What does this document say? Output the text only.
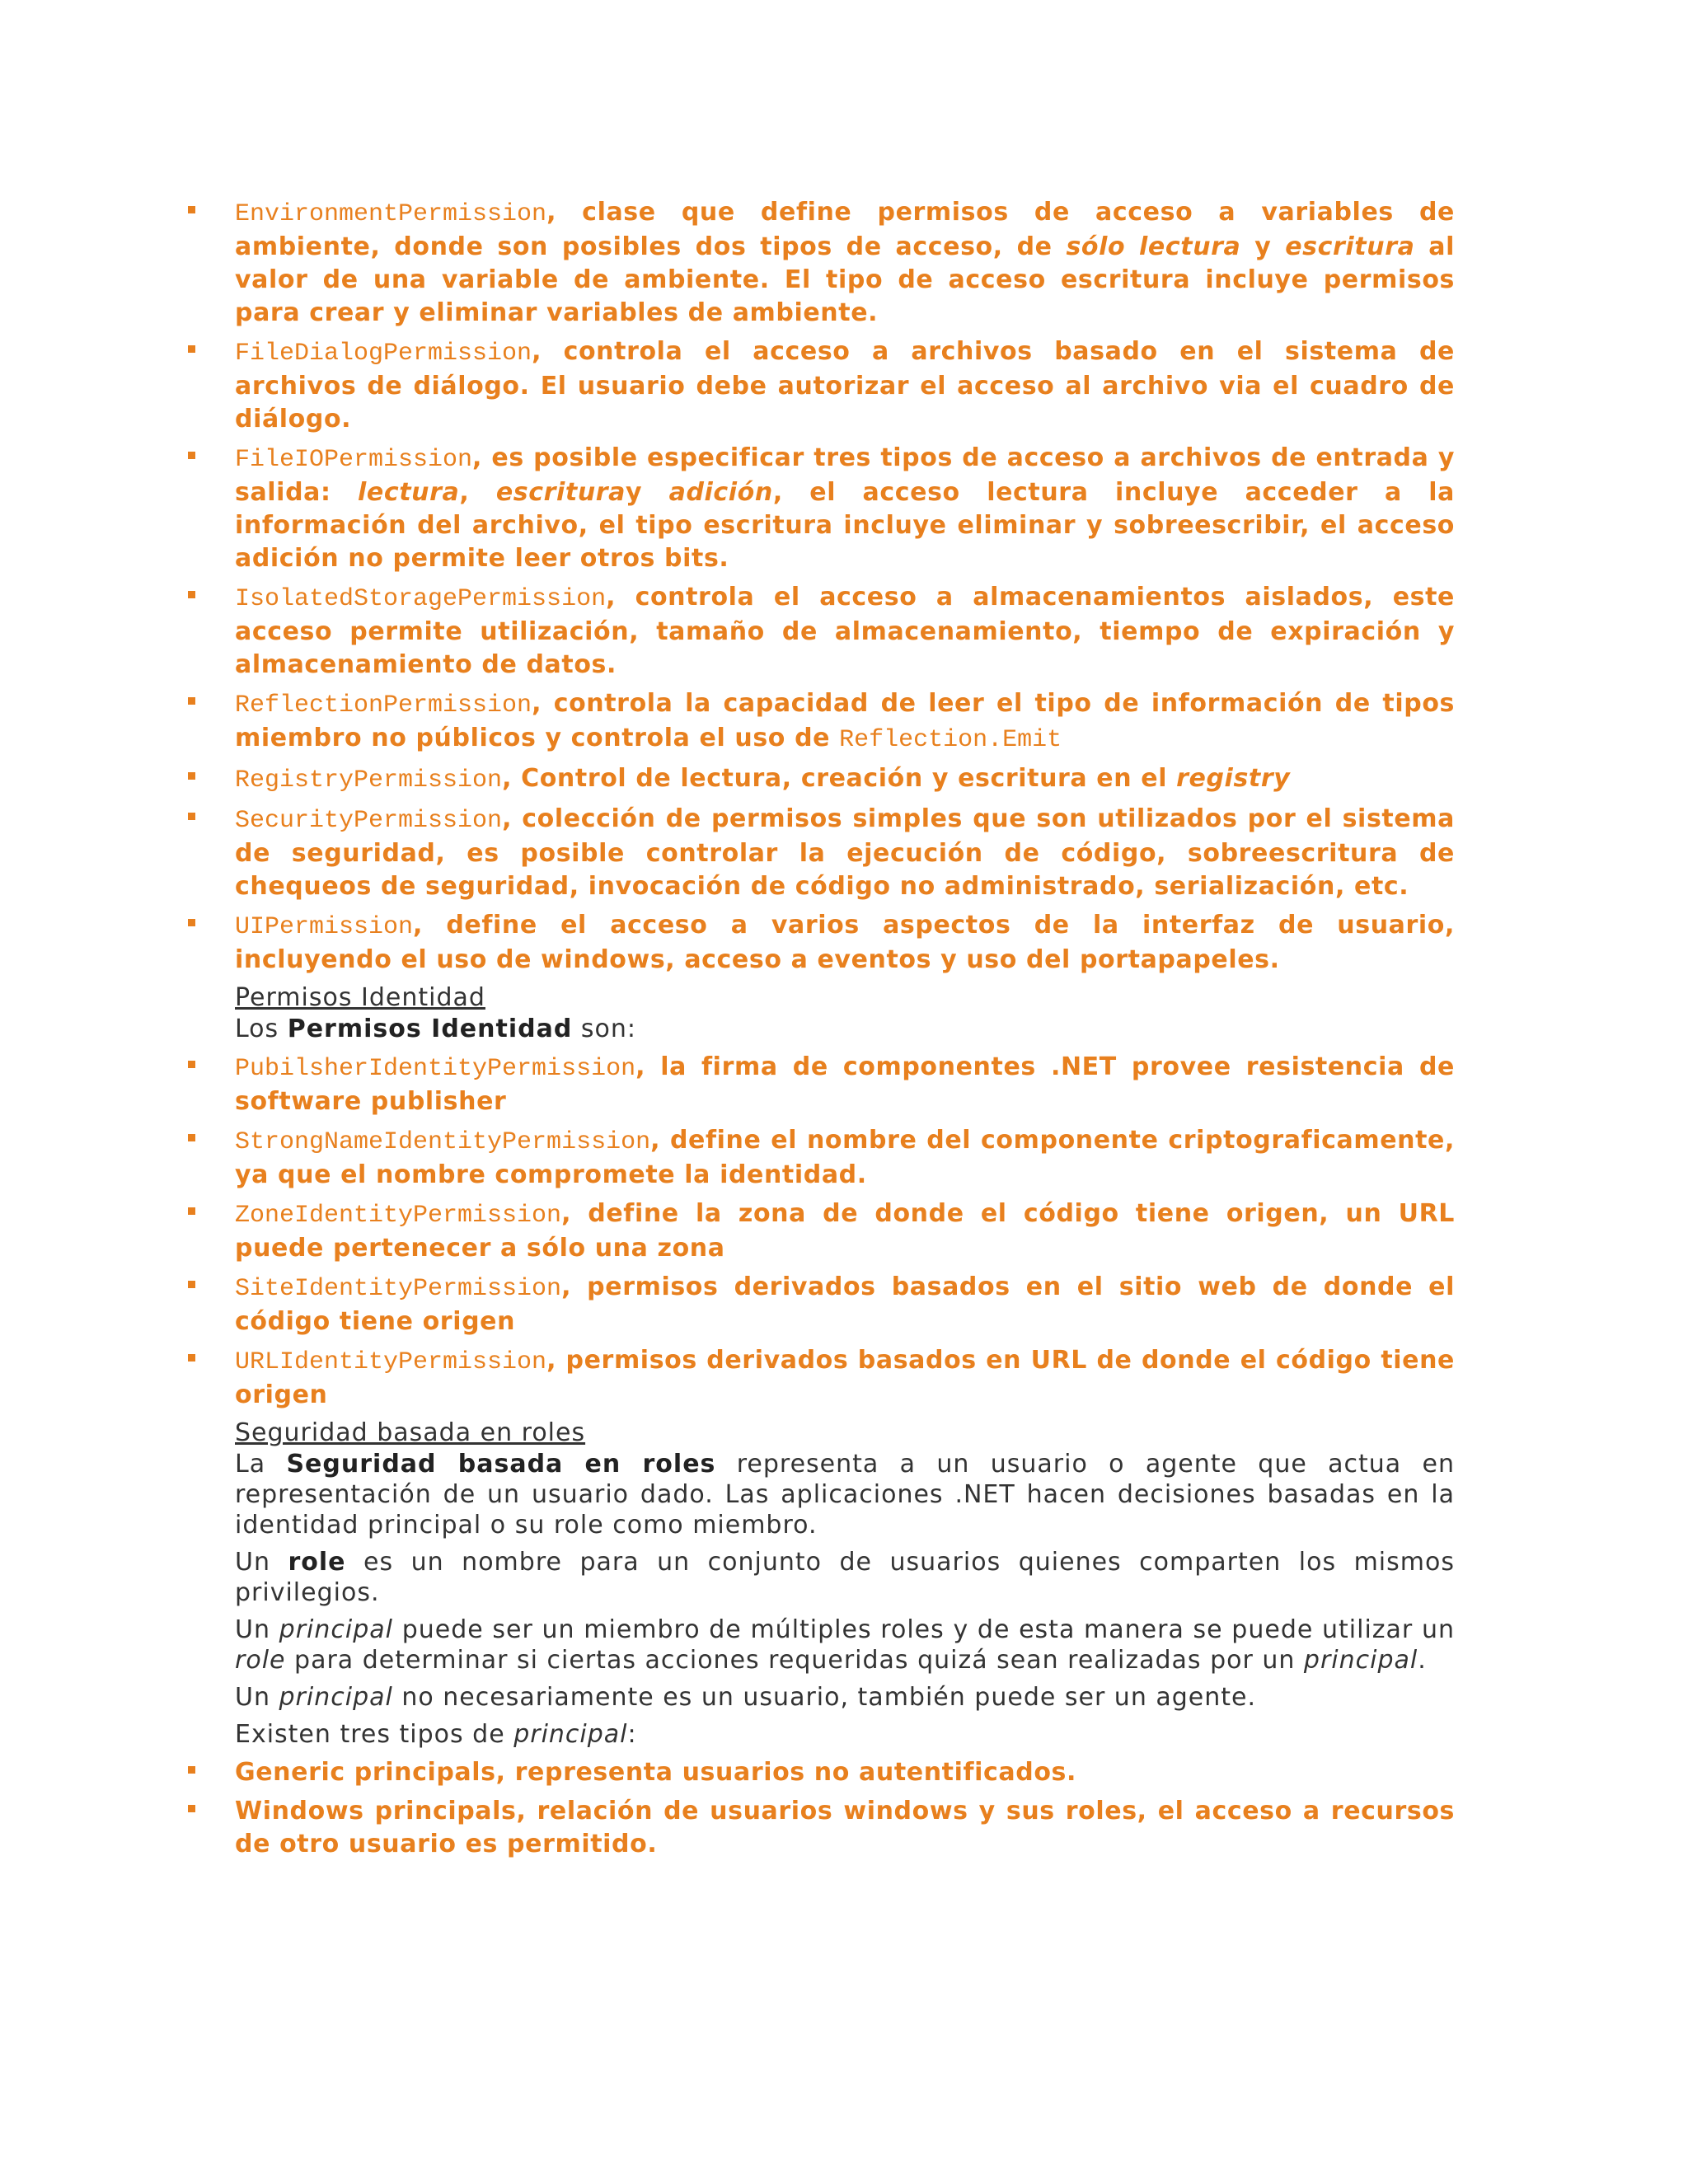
EnvironmentPermission, clase que define permisos de acceso a variables de ambiente, donde son posibles dos tipos de acceso, de sólo lectura y escritura al valor de una variable de ambiente. El tipo de acceso escritura incluye permisos para crear y eliminar variables de ambiente.
FileDialogPermission, controla el acceso a archivos basado en el sistema de archivos de diálogo. El usuario debe autorizar el acceso al archivo via el cuadro de diálogo.
FileIOPermission, es posible especificar tres tipos de acceso a archivos de entrada y salida: lectura, escrituray adición, el acceso lectura incluye acceder a la información del archivo, el tipo escritura incluye eliminar y sobreescribir, el acceso adición no permite leer otros bits.
IsolatedStoragePermission, controla el acceso a almacenamientos aislados, este acceso permite utilización, tamaño de almacenamiento, tiempo de expiración y almacenamiento de datos.
ReflectionPermission, controla la capacidad de leer el tipo de información de tipos miembro no públicos y controla el uso de Reflection.Emit
RegistryPermission, Control de lectura, creación y escritura en el registry
SecurityPermission, colección de permisos simples que son utilizados por el sistema de seguridad, es posible controlar la ejecución de código, sobreescritura de chequeos de seguridad, invocación de código no administrado, serialización, etc.
UIPermission, define el acceso a varios aspectos de la interfaz de usuario, incluyendo el uso de windows, acceso a eventos y uso del portapapeles.
Permisos Identidad
Los Permisos Identidad son:
PubilsherIdentityPermission, la firma de componentes .NET provee resistencia de software publisher
StrongNameIdentityPermission, define el nombre del componente criptograficamente, ya que el nombre compromete la identidad.
ZoneIdentityPermission, define la zona de donde el código tiene origen, un URL puede pertenecer a sólo una zona
SiteIdentityPermission, permisos derivados basados en el sitio web de donde el código tiene origen
URLIdentityPermission, permisos derivados basados en URL de donde el código tiene origen
Seguridad basada en roles
La Seguridad basada en roles representa a un usuario o agente que actua en representación de un usuario dado. Las aplicaciones .NET hacen decisiones basadas en la identidad principal o su role como miembro.
Un role es un nombre para un conjunto de usuarios quienes comparten los mismos privilegios.
Un principal puede ser un miembro de múltiples roles y de esta manera se puede utilizar un role para determinar si ciertas acciones requeridas quizá sean realizadas por un principal.
Un principal no necesariamente es un usuario, también puede ser un agente.
Existen tres tipos de principal:
Generic principals, representa usuarios no autentificados.
Windows principals, relación de usuarios windows y sus roles, el acceso a recursos de otro usuario es permitido.
